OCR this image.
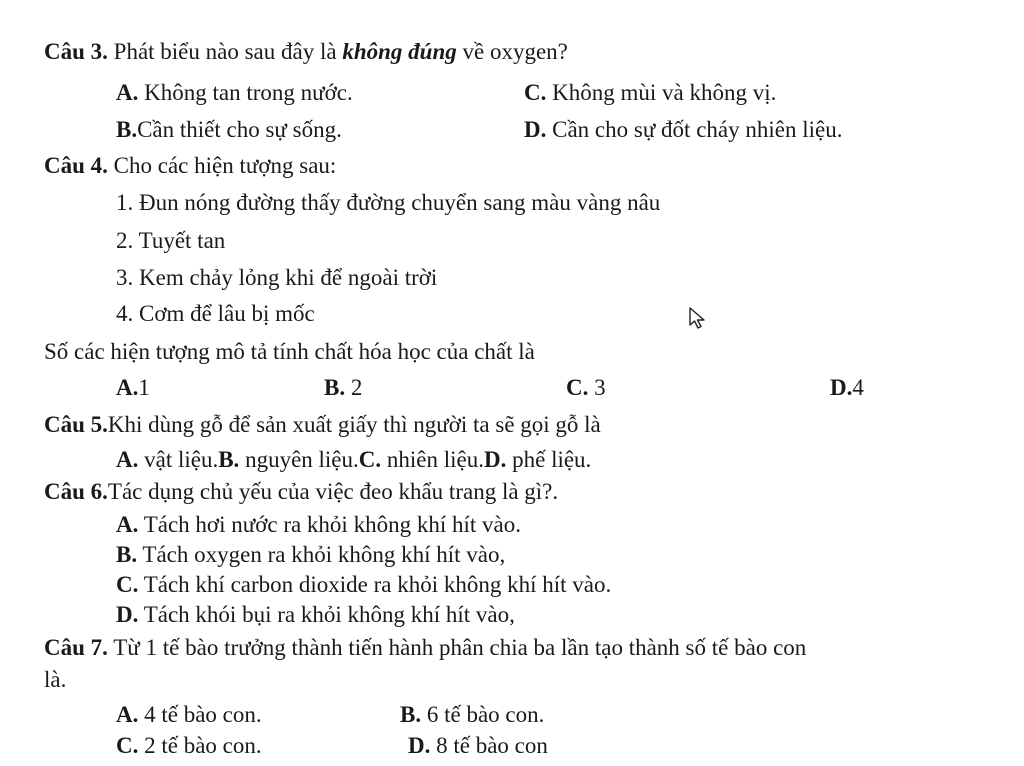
Câu 3. Phát biểu nào sau đây là không đúng về oxygen?
A. Không tan trong nước.	C. Không mùi và không vị.
B.Cần thiết cho sự sống.	D. Cần cho sự đốt cháy nhiên liệu.
Câu 4. Cho các hiện tượng sau:
1. Đun nóng đường thấy đường chuyển sang màu vàng nâu
2. Tuyết tan
3. Kem chảy lỏng khi để ngoài trời
4. Cơm để lâu bị mốc
Số các hiện tượng mô tả tính chất hóa học của chất là
A.1	B. 2	C. 3	D.4
Câu 5.Khi dùng gỗ để sản xuất giấy thì người ta sẽ gọi gỗ là
A. vật liệu.B. nguyên liệu.C. nhiên liệu.D. phế liệu.
Câu 6.Tác dụng chủ yếu của việc đeo khẩu trang là gì?.
A. Tách hơi nước ra khỏi không khí hít vào.
B. Tách oxygen ra khỏi không khí hít vào,
C. Tách khí carbon dioxide ra khỏi không khí hít vào.
D. Tách khói bụi ra khỏi không khí hít vào,
Câu 7. Từ 1 tế bào trưởng thành tiến hành phân chia ba lần tạo thành số tế bào con
là.
A. 4 tế bào con.	B. 6 tế bào con.
C. 2 tế bào con.	D. 8 tế bào con
